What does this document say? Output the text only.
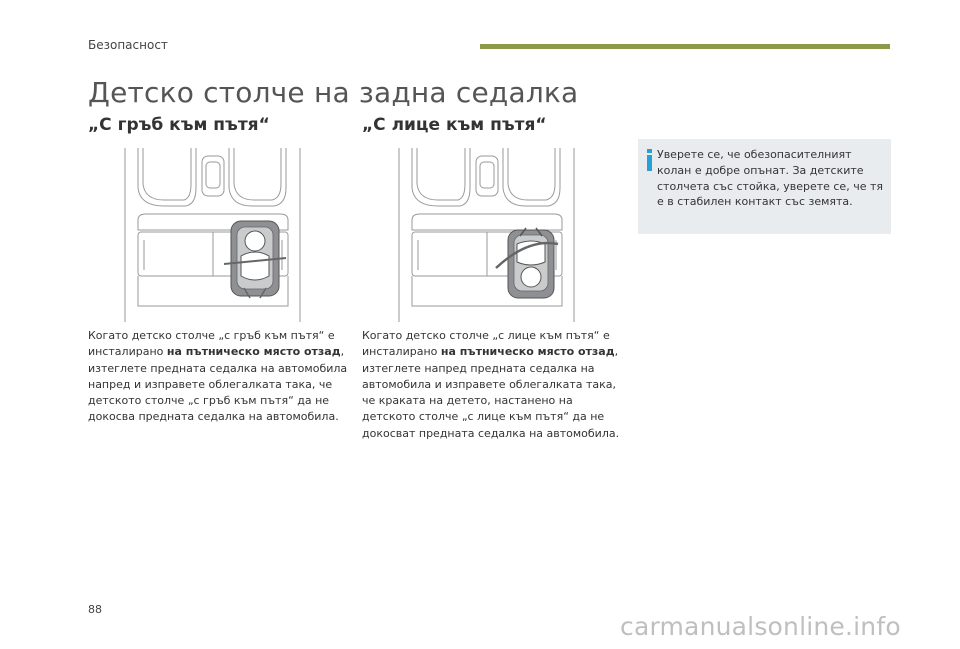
Безопасност
Детско столче на задна седалка
„С гръб към пътя“
Когато детско столче „с гръб към пътя“ е инсталирано на пътническо място отзад, изтеглете предната седалка на автомобила напред и изправете облегалката така, че детското столче „с гръб към пътя“ да не докосва предната седалка на автомобила.
„С лице към пътя“
Когато детско столче „с лице към пътя“ е инсталирано на пътническо място отзад, изтеглете напред предната седалка на автомобила и изправете облегалката така, че краката на детето, настанено на детското столче „с лице към пътя“ да не докосват предната седалка на автомобила.
Уверете се, че обезопасителният колан е добре опънат. За детските столчета със стойка, уверете се, че тя е в стабилен контакт със земята.
88
carmanualsonline.info
